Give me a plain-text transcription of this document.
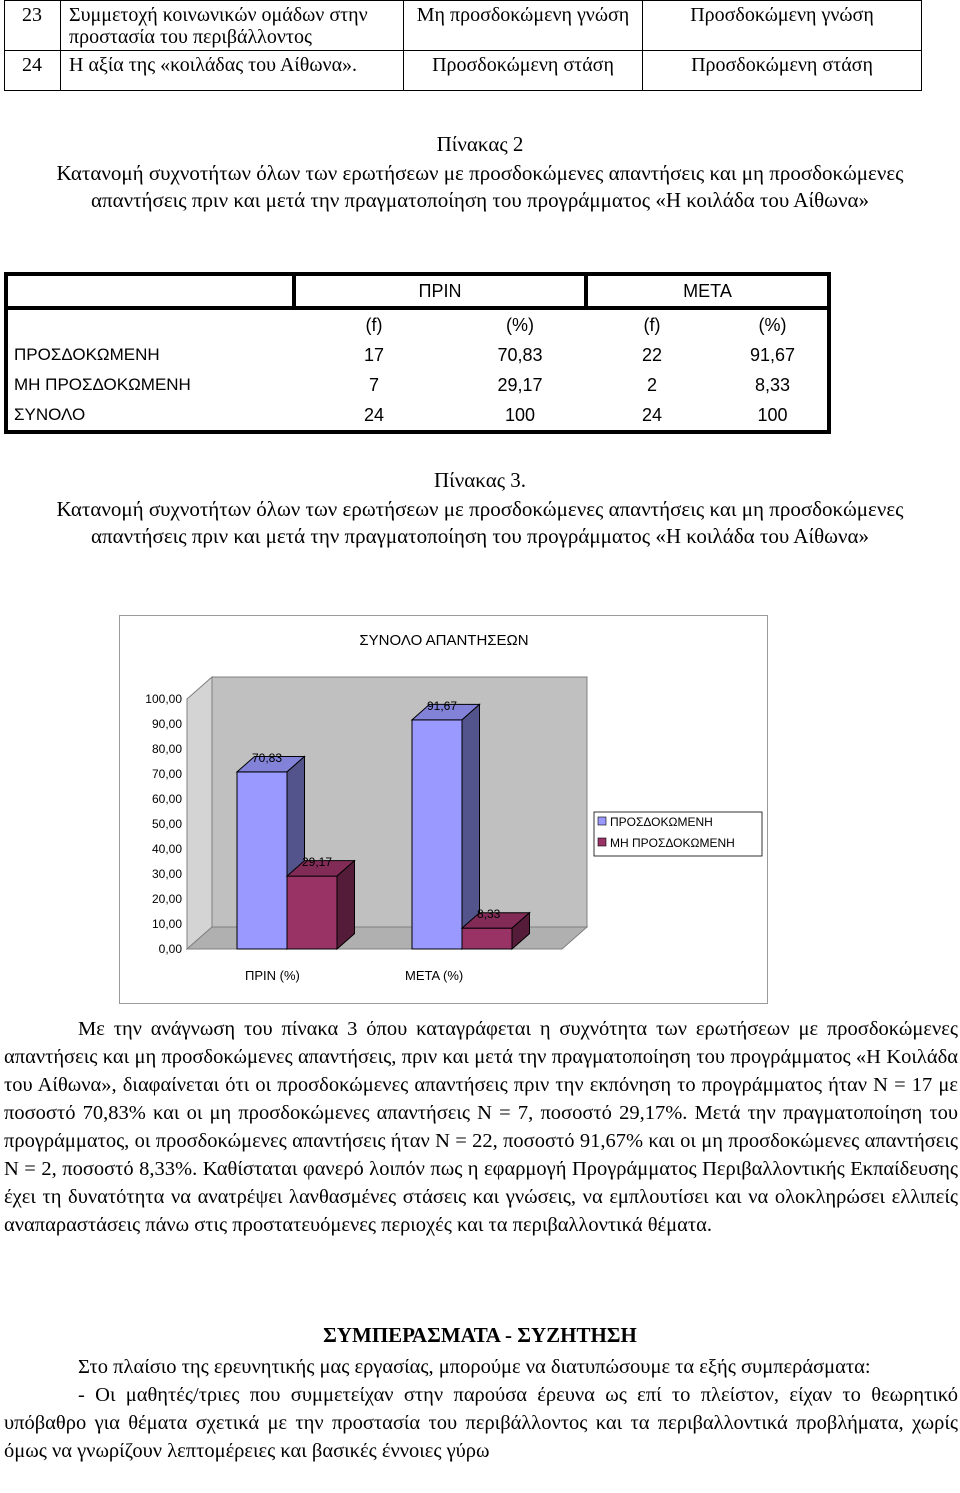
23	Συμμετοχή κοινωνικών ομάδων στην προστασία του περιβάλλοντος	Μη προσδοκώμενη γνώση	Προσδοκώμενη γνώση
24	Η αξία της «κοιλάδας του Αίθωνα».	Προσδοκώμενη στάση	Προσδοκώμενη στάση
Πίνακας 2
Κατανομή συχνοτήτων όλων των ερωτήσεων με προσδοκώμενες απαντήσεις και μη προσδοκώμενες απαντήσεις πριν και μετά την πραγματοποίηση του προγράμματος «Η κοιλάδα του Αίθωνα»
	ΠΡΙΝ		ΜΕΤΑ	
	(f)	(%)	(f)	(%)
ΠΡΟΣΔΟΚΩΜΕΝΗ	17	70,83	22	91,67
ΜΗ ΠΡΟΣΔΟΚΩΜΕΝΗ	7	29,17	2	8,33
ΣΥΝΟΛΟ	24	100	24	100
Πίνακας 3.
Κατανομή συχνοτήτων όλων των ερωτήσεων με προσδοκώμενες απαντήσεις και μη προσδοκώμενες απαντήσεις πριν και μετά την πραγματοποίηση του προγράμματος «Η κοιλάδα του Αίθωνα»
ΣΥΝΟΛΟ ΑΠΑΝΤΗΣΕΩΝ
0,00
10,00
20,00
30,00
40,00
50,00
60,00
70,00
80,00
90,00
100,00
70,83
29,17
ΠΡΙΝ (%)
91,67
8,33
ΜΕΤΑ (%)
ΠΡΟΣΔΟΚΩΜΕΝΗ
ΜΗ ΠΡΟΣΔΟΚΩΜΕΝΗ

Με την ανάγνωση του πίνακα 3 όπου καταγράφεται η συχνότητα των ερωτήσεων με προσδοκώμενες απαντήσεις και μη προσδοκώμενες απαντήσεις, πριν και μετά την πραγματοποίηση του προγράμματος «Η Κοιλάδα του Αίθωνα», διαφαίνεται ότι οι προσδοκώμενες απαντήσεις πριν την εκπόνηση το προγράμματος ήταν N = 17 με ποσοστό 70,83% και οι μη προσδοκώμενες απαντήσεις N = 7, ποσοστό 29,17%. Μετά την πραγματοποίηση του προγράμματος, οι προσδοκώμενες απαντήσεις ήταν N = 22, ποσοστό 91,67% και οι μη προσδοκώμενες απαντήσεις N = 2, ποσοστό 8,33%. Καθίσταται φανερό λοιπόν πως η εφαρμογή Προγράμματος Περιβαλλοντικής Εκπαίδευσης έχει τη δυνατότητα να ανατρέψει λανθασμένες στάσεις και γνώσεις, να εμπλουτίσει και να ολοκληρώσει ελλιπείς αναπαραστάσεις πάνω στις προστατευόμενες περιοχές και τα περιβαλλοντικά θέματα.

ΣΥΜΠΕΡΑΣΜΑΤΑ - ΣΥΖΗΤΗΣΗ

Στο πλαίσιο της ερευνητικής μας εργασίας, μπορούμε να διατυπώσουμε τα εξής συμπεράσματα:

- Οι μαθητές/τριες που συμμετείχαν στην παρούσα έρευνα ως επί το πλείστον, είχαν το θεωρητικό υπόβαθρο για θέματα σχετικά με την προστασία του περιβάλλοντος και τα περιβαλλοντικά προβλήματα, χωρίς όμως να γνωρίζουν λεπτομέρειες και βασικές έννοιες γύρω
